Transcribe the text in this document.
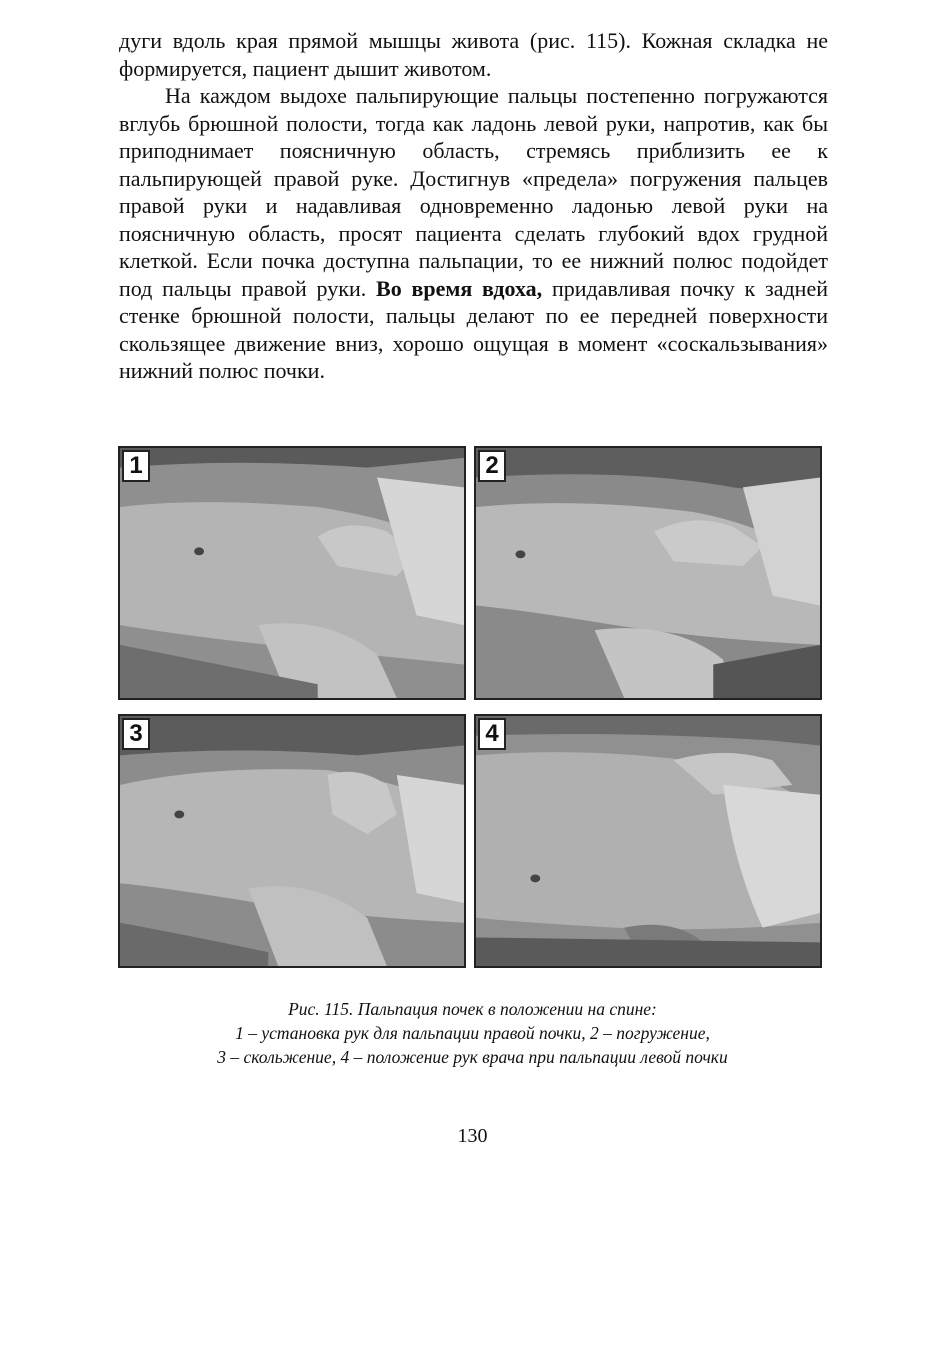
дуги вдоль края прямой мышцы живота (рис. 115). Кожная складка не формируется, пациент дышит животом.

На каждом выдохе пальпирующие пальцы постепенно погружаются вглубь брюшной полости, тогда как ладонь левой руки, напротив, как бы приподнимает поясничную область, стремясь приблизить ее к пальпирующей правой руке. Достигнув «предела» погружения пальцев правой руки и надавливая одновременно ладонью левой руки на поясничную область, просят пациента сделать глубокий вдох грудной клеткой. Если почка доступна пальпации, то ее нижний полюс подойдет под пальцы правой руки. Во время вдоха, придавливая почку к задней стенке брюшной полости, пальцы делают по ее передней поверхности скользящее движение вниз, хорошо ощущая в момент «соскальзывания» нижний полюс почки.

1	2
3	4
Рис. 115. Пальпация почек в положении на спине:
1 – установка рук для пальпации правой почки, 2 – погружение,
3 – скольжение, 4 – положение рук врача при пальпации левой почки
130
